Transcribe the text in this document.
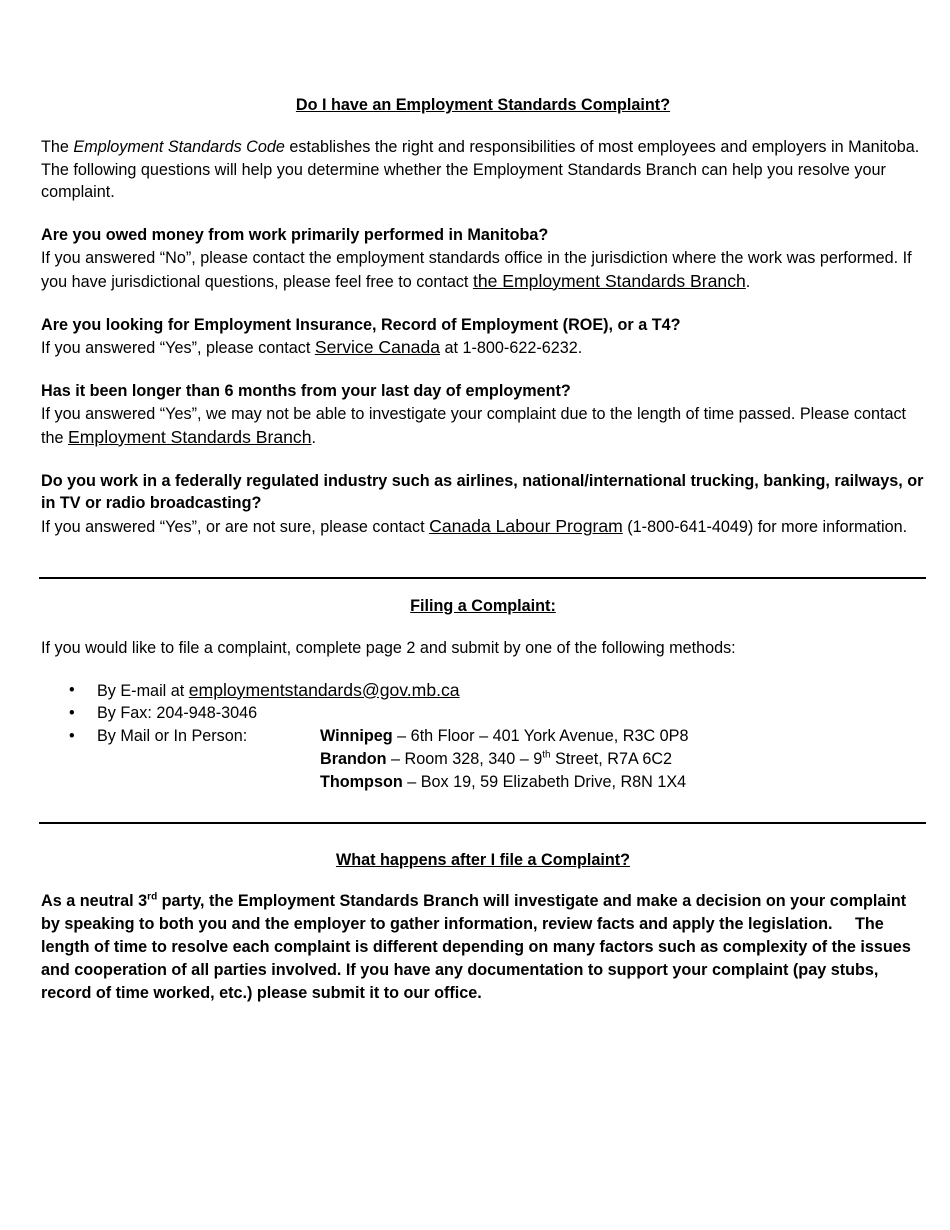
Do I have an Employment Standards Complaint?

The Employment Standards Code establishes the right and responsibilities of most employees and employers in Manitoba. The following questions will help you determine whether the Employment Standards Branch can help you resolve your complaint.

Are you owed money from work primarily performed in Manitoba?

If you answered “No”, please contact the employment standards office in the jurisdiction where the work was performed. If you have jurisdictional questions, please feel free to contact the Employment Standards Branch.

Are you looking for Employment Insurance, Record of Employment (ROE), or a T4?

If you answered “Yes”, please contact Service Canada at 1-800-622-6232.

Has it been longer than 6 months from your last day of employment?

If you answered “Yes”, we may not be able to investigate your complaint due to the length of time passed. Please contact the Employment Standards Branch.

Do you work in a federally regulated industry such as airlines, national/international trucking, banking, railways, or in TV or radio broadcasting?

If you answered “Yes”, or are not sure, please contact Canada Labour Program (1-800-641-4049) for more information.

Filing a Complaint:

If you would like to file a complaint, complete page 2 and submit by one of the following methods:

• By E-mail at employmentstandards@gov.mb.ca
• By Fax: 204-948-3046
• By Mail or In Person:	Winnipeg – 6th Floor – 401 York Avenue, R3C 0P8
Brandon – Room 328, 340 – 9th Street, R7A 6C2
Thompson – Box 19, 59 Elizabeth Drive, R8N 1X4

What happens after I file a Complaint?

As a neutral 3rd party, the Employment Standards Branch will investigate and make a decision on your complaint by speaking to both you and the employer to gather information, review facts and apply the legislation.     The length of time to resolve each complaint is different depending on many factors such as complexity of the issues and cooperation of all parties involved. If you have any documentation to support your complaint (pay stubs, record of time worked, etc.) please submit it to our office.
